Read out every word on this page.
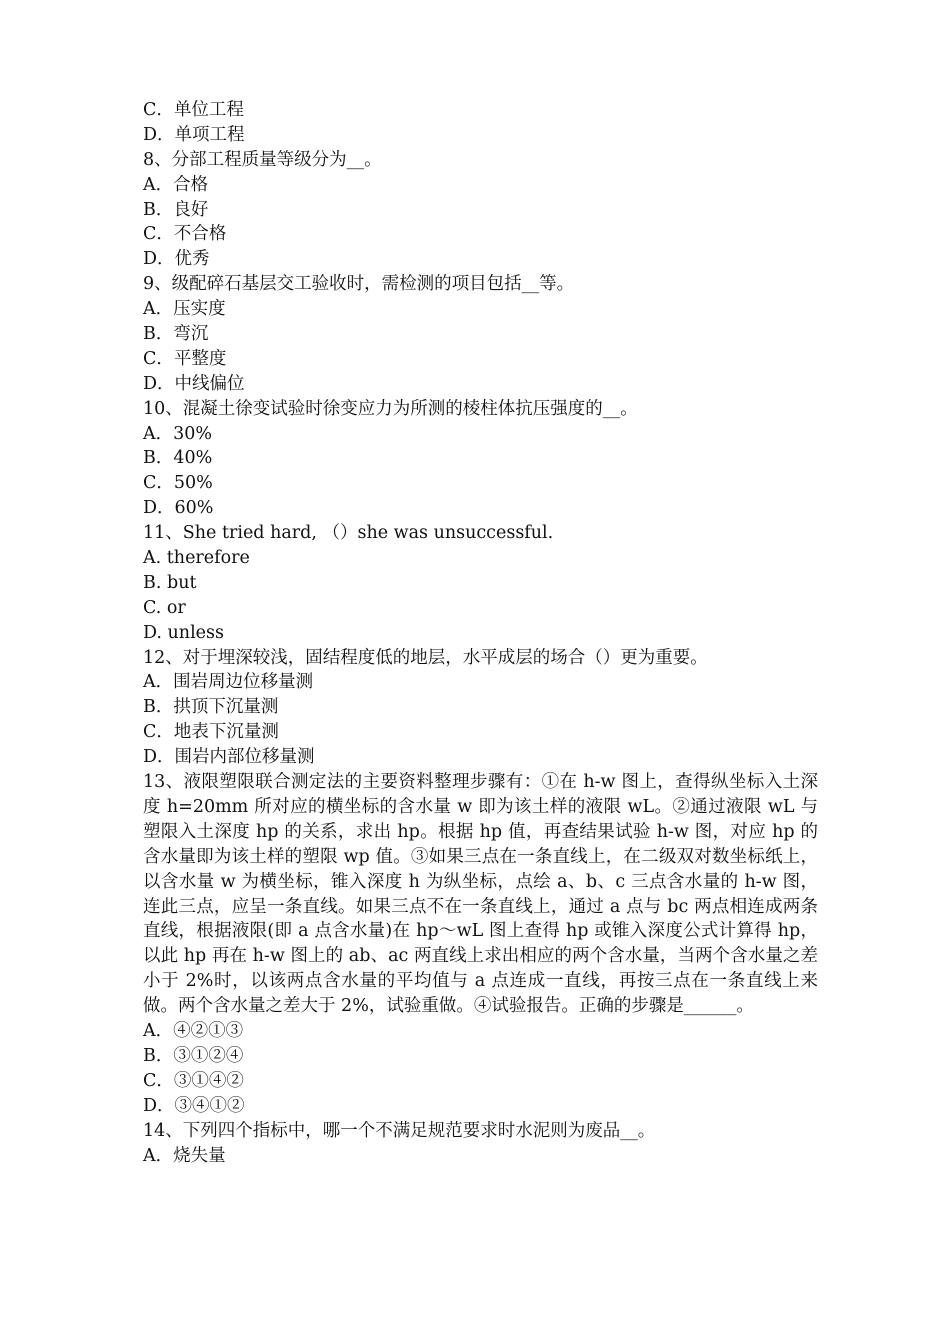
C．单位工程
D．单项工程
8、分部工程质量等级分为__。
A．合格
B．良好
C．不合格
D．优秀
9、级配碎石基层交工验收时，需检测的项目包括__等。
A．压实度
B．弯沉
C．平整度
D．中线偏位
10、混凝土徐变试验时徐变应力为所测的棱柱体抗压强度的__。
A．30%
B．40%
C．50%
D．60%
11、She tried hard, （）she was unsuccessful.
A. therefore
B. but
C. or
D. unless
12、对于埋深较浅，固结程度低的地层，水平成层的场合（）更为重要。
A．围岩周边位移量测
B．拱顶下沉量测
C．地表下沉量测
D．围岩内部位移量测
13、液限塑限联合测定法的主要资料整理步骤有：①在 h-w 图上，查得纵坐标入土深度 h=20mm 所对应的横坐标的含水量 w 即为该土样的液限 wL。②通过液限 wL 与塑限入土深度 hp 的关系，求出 hp。根据 hp 值，再查结果试验 h-w 图，对应 hp 的含水量即为该土样的塑限 wp 值。③如果三点在一条直线上，在二级双对数坐标纸上，以含水量 w 为横坐标，锥入深度 h 为纵坐标，点绘 a、b、c 三点含水量的 h-w 图，连此三点，应呈一条直线。如果三点不在一条直线上，通过 a 点与 bc 两点相连成两条直线，根据液限(即 a 点含水量)在 hp～wL 图上查得 hp 或锥入深度公式计算得 hp，以此 hp 再在 h-w 图上的 ab、ac 两直线上求出相应的两个含水量，当两个含水量之差小于 2%时，以该两点含水量的平均值与 a 点连成一直线，再按三点在一条直线上来做。两个含水量之差大于 2%，试验重做。④试验报告。正确的步骤是______。
A．④②①③
B．③①②④
C．③①④②
D．③④①②
14、下列四个指标中，哪一个不满足规范要求时水泥则为废品__。
A．烧失量
